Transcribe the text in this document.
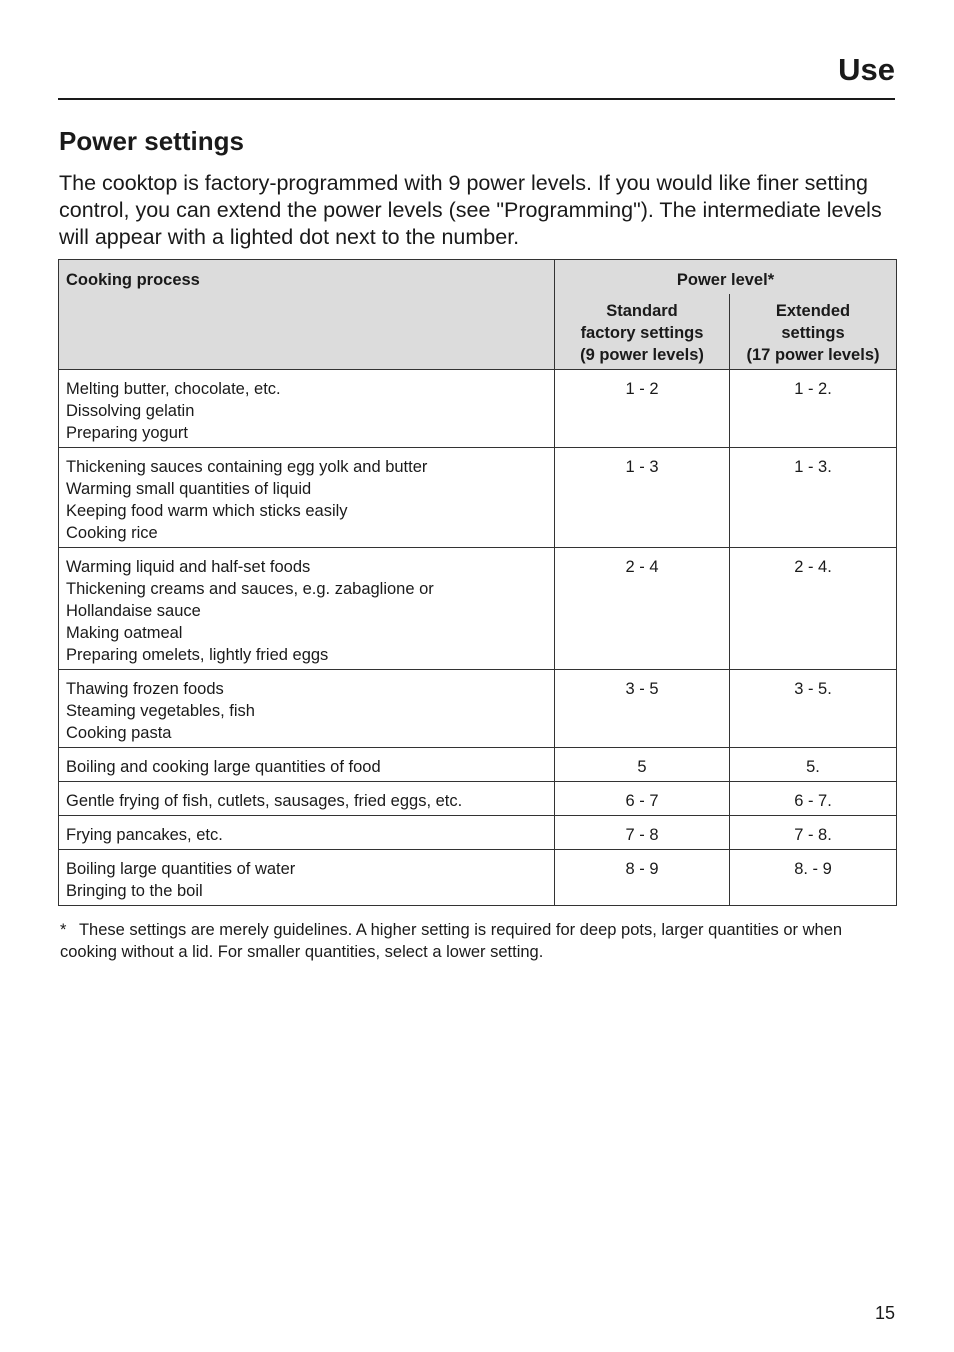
Use
Power settings

The cooktop is factory-programmed with 9 power levels. If you would like finer setting control, you can extend the power levels (see "Programming"). The intermediate levels will appear with a lighted dot next to the number.

Cooking process	Power level*	

	Standard
factory settings
(9 power levels)	Extended
settings
(17 power levels)

Melting butter, chocolate, etc.
Dissolving gelatin
Preparing yogurt	1 - 2	1 - 2.

Thickening sauces containing egg yolk and butter
Warming small quantities of liquid
Keeping food warm which sticks easily
Cooking rice	1 - 3	1 - 3.

Warming liquid and half-set foods
Thickening creams and sauces, e.g. zabaglione or
Hollandaise sauce
Making oatmeal
Preparing omelets, lightly fried eggs	2 - 4	2 - 4.

Thawing frozen foods
Steaming vegetables, fish
Cooking pasta	3 - 5	3 - 5.

Boiling and cooking large quantities of food	5	5.

Gentle frying of fish, cutlets, sausages, fried eggs, etc.	6 - 7	6 - 7.

Frying pancakes, etc.	7 - 8	7 - 8.

Boiling large quantities of water
Bringing to the boil	8 - 9	8. - 9

*  These settings are merely guidelines. A higher setting is required for deep pots, larger quantities or when cooking without a lid. For smaller quantities, select a lower setting.

15
